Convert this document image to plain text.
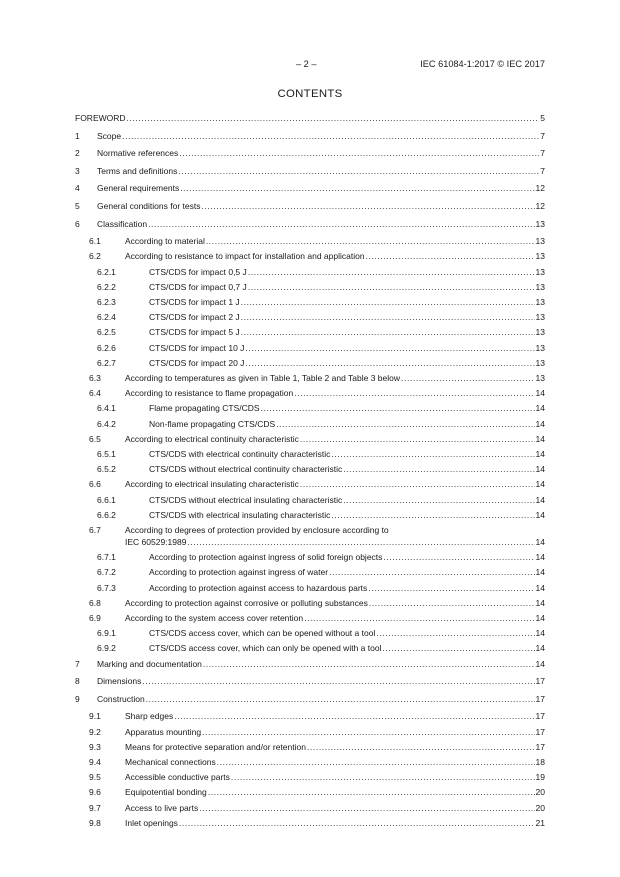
– 2 –	IEC 61084-1:2017 © IEC 2017
CONTENTS
FOREWORD .....	5
1 Scope .....	7
2 Normative references .....	7
3 Terms and definitions .....	7
4 General requirements .....	12
5 General conditions for tests .....	12
6 Classification .....	13
6.1	According to material .....	13
6.2	According to resistance to impact for installation and application .....	13
6.2.1	CTS/CDS for impact 0,5 J .....	13
6.2.2	CTS/CDS for impact 0,7 J .....	13
6.2.3	CTS/CDS for impact 1 J .....	13
6.2.4	CTS/CDS for impact 2 J .....	13
6.2.5	CTS/CDS for impact 5 J .....	13
6.2.6	CTS/CDS for impact 10 J .....	13
6.2.7	CTS/CDS for impact 20 J .....	13
6.3	According to temperatures as given in Table 1, Table 2 and Table 3 below .....	13
6.4	According to resistance to flame propagation .....	14
6.4.1	Flame propagating CTS/CDS .....	14
6.4.2	Non-flame propagating CTS/CDS .....	14
6.5	According to electrical continuity characteristic .....	14
6.5.1	CTS/CDS with electrical continuity characteristic .....	14
6.5.2	CTS/CDS without electrical continuity characteristic .....	14
6.6	According to electrical insulating characteristic .....	14
6.6.1	CTS/CDS without electrical insulating characteristic .....	14
6.6.2	CTS/CDS with electrical insulating characteristic .....	14
6.7	According to degrees of protection provided by enclosure according to
IEC 60529:1989 .....	14
6.7.1	According to protection against ingress of solid foreign objects .....	14
6.7.2	According to protection against ingress of water .....	14
6.7.3	According to protection against access to hazardous parts .....	14
6.8	According to protection against corrosive or polluting substances .....	14
6.9	According to the system access cover retention .....	14
6.9.1	CTS/CDS access cover, which can be opened without a tool .....	14
6.9.2	CTS/CDS access cover, which can only be opened with a tool .....	14
7 Marking and documentation .....	14
8 Dimensions .....	17
9 Construction .....	17
9.1	Sharp edges .....	17
9.2	Apparatus mounting .....	17
9.3	Means for protective separation and/or retention .....	17
9.4	Mechanical connections .....	18
9.5	Accessible conductive parts .....	19
9.6	Equipotential bonding .....	20
9.7	Access to live parts .....	20
9.8	Inlet openings .....	21
